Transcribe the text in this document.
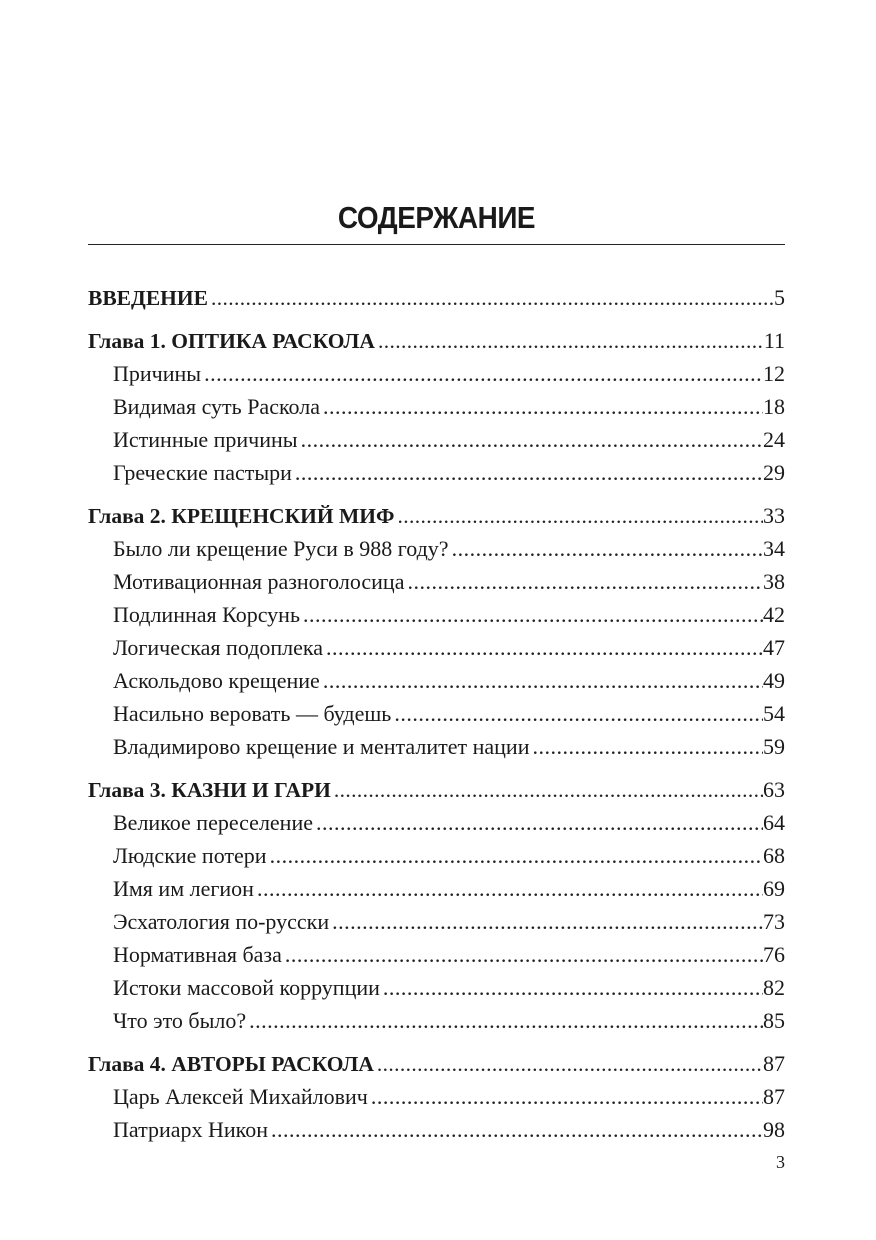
СОДЕРЖАНИЕ
ВВЕДЕНИЕ . . .	5
Глава 1. ОПТИКА РАСКОЛА . . .	11
Причины . . .	12
Видимая суть Раскола . . .	18
Истинные причины . . .	24
Греческие пастыри . . .	29
Глава 2. КРЕЩЕНСКИЙ МИФ . . .	33
Было ли крещение Руси в 988 году? . . .	34
Мотивационная разноголосица . . .	38
Подлинная Корсунь . . .	42
Логическая подоплека . . .	47
Аскольдово крещение . . .	49
Насильно веровать — будешь . . .	54
Владимирово крещение и менталитет нации . . .	59
Глава 3. КАЗНИ И ГАРИ . . .	63
Великое переселение . . .	64
Людские потери . . .	68
Имя им легион . . .	69
Эсхатология по-русски . . .	73
Нормативная база . . .	76
Истоки массовой коррупции . . .	82
Что это было? . . .	85
Глава 4. АВТОРЫ РАСКОЛА . . .	87
Царь Алексей Михайлович . . .	87
Патриарх Никон . . .	98
3
